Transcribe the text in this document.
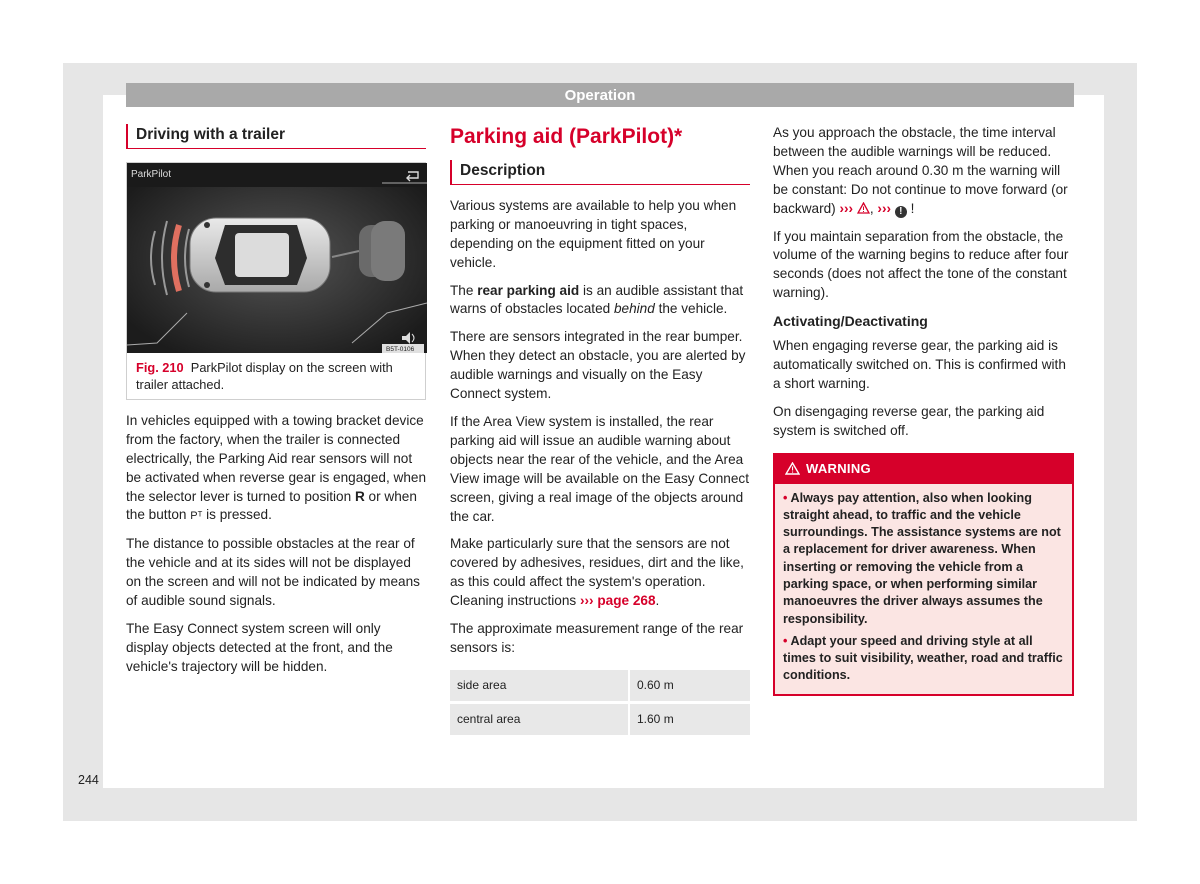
Operation
Driving with a trailer
ParkPilot
B5T-0106
Fig. 210 ParkPilot display on the screen with trailer attached.

In vehicles equipped with a towing bracket device from the factory, when the trailer is connected electrically, the Parking Aid rear sensors will not be activated when reverse gear is engaged, when the selector lever is turned to position R or when the button Pᵀ is pressed.

The distance to possible obstacles at the rear of the vehicle and at its sides will not be displayed on the screen and will not be indicated by means of audible sound signals.

The Easy Connect system screen will only display objects detected at the front, and the vehicle's trajectory will be hidden.

Parking aid (ParkPilot)*
Description

Various systems are available to help you when parking or manoeuvring in tight spaces, depending on the equipment fitted on your vehicle.

The rear parking aid is an audible assistant that warns of obstacles located behind the vehicle.

There are sensors integrated in the rear bumper. When they detect an obstacle, you are alerted by audible warnings and visually on the Easy Connect system.

If the Area View system is installed, the rear parking aid will issue an audible warning about objects near the rear of the vehicle, and the Area View image will be available on the Easy Connect screen, giving a real image of the objects around the car.

Make particularly sure that the sensors are not covered by adhesives, residues, dirt and the like, as this could affect the system's operation. Cleaning instructions ››› page 268.

The approximate measurement range of the rear sensors is:

side area	0.60 m
central area	1.60 m

As you approach the obstacle, the time interval between the audible warnings will be reduced. When you reach around 0.30 m the warning will be constant: Do not continue to move forward (or backward) ››› , ››› ! !

If you maintain separation from the obstacle, the volume of the warning begins to reduce after four seconds (does not affect the tone of the constant warning).

Activating/Deactivating

When engaging reverse gear, the parking aid is automatically switched on. This is confirmed with a short warning.

On disengaging reverse gear, the parking aid system is switched off.

WARNING
• Always pay attention, also when looking straight ahead, to traffic and the vehicle surroundings. The assistance systems are not a replacement for driver awareness. When inserting or removing the vehicle from a parking space, or when performing similar manoeuvres the driver always assumes the responsibility.
• Adapt your speed and driving style at all times to suit visibility, weather, road and traffic conditions.
244
